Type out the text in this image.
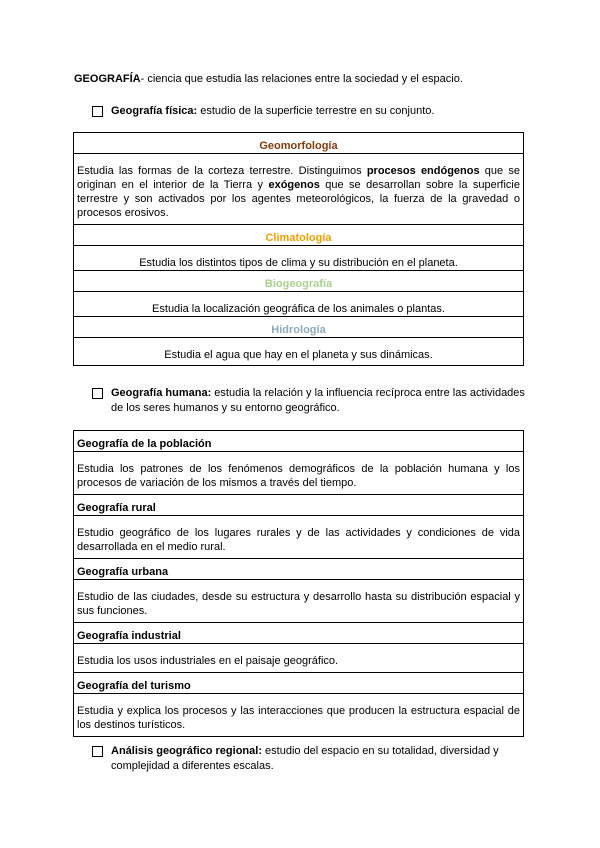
GEOGRAFÍA- ciencia que estudia las relaciones entre la sociedad y el espacio.
Geografía física: estudio de la superficie terrestre en su conjunto.
Geomorfología

Estudia las formas de la corteza terrestre. Distinguimos procesos endógenos que se originan en el interior de la Tierra y exógenos que se desarrollan sobre la superficie terrestre y son activados por los agentes meteorológicos, la fuerza de la gravedad o procesos erosivos.
Climatología

Estudia los distintos tipos de clima y su distribución en el planeta.
Biogeografía

Estudia la localización geográfica de los animales o plantas.
Hidrología

Estudia el agua que hay en el planeta y sus dinámicas.
Geografía humana: estudia la relación y la influencia recíproca entre las actividades de los seres humanos y su entorno geográfico.
Geografía de la población

Estudia los patrones de los fenómenos demográficos de la población humana y los procesos de variación de los mismos a través del tiempo.
Geografía rural

Estudio geográfico de los lugares rurales y de las actividades y condiciones de vida desarrollada en el medio rural.
Geografía urbana

Estudio de las ciudades, desde su estructura y desarrollo hasta su distribución espacial y sus funciones.
Geografía industrial

Estudia los usos industriales en el paisaje geográfico.
Geografía del turismo

Estudia y explica los procesos y las interacciones que producen la estructura espacial de los destinos turísticos.
Análisis geográfico regional: estudio del espacio en su totalidad, diversidad y complejidad a diferentes escalas.
